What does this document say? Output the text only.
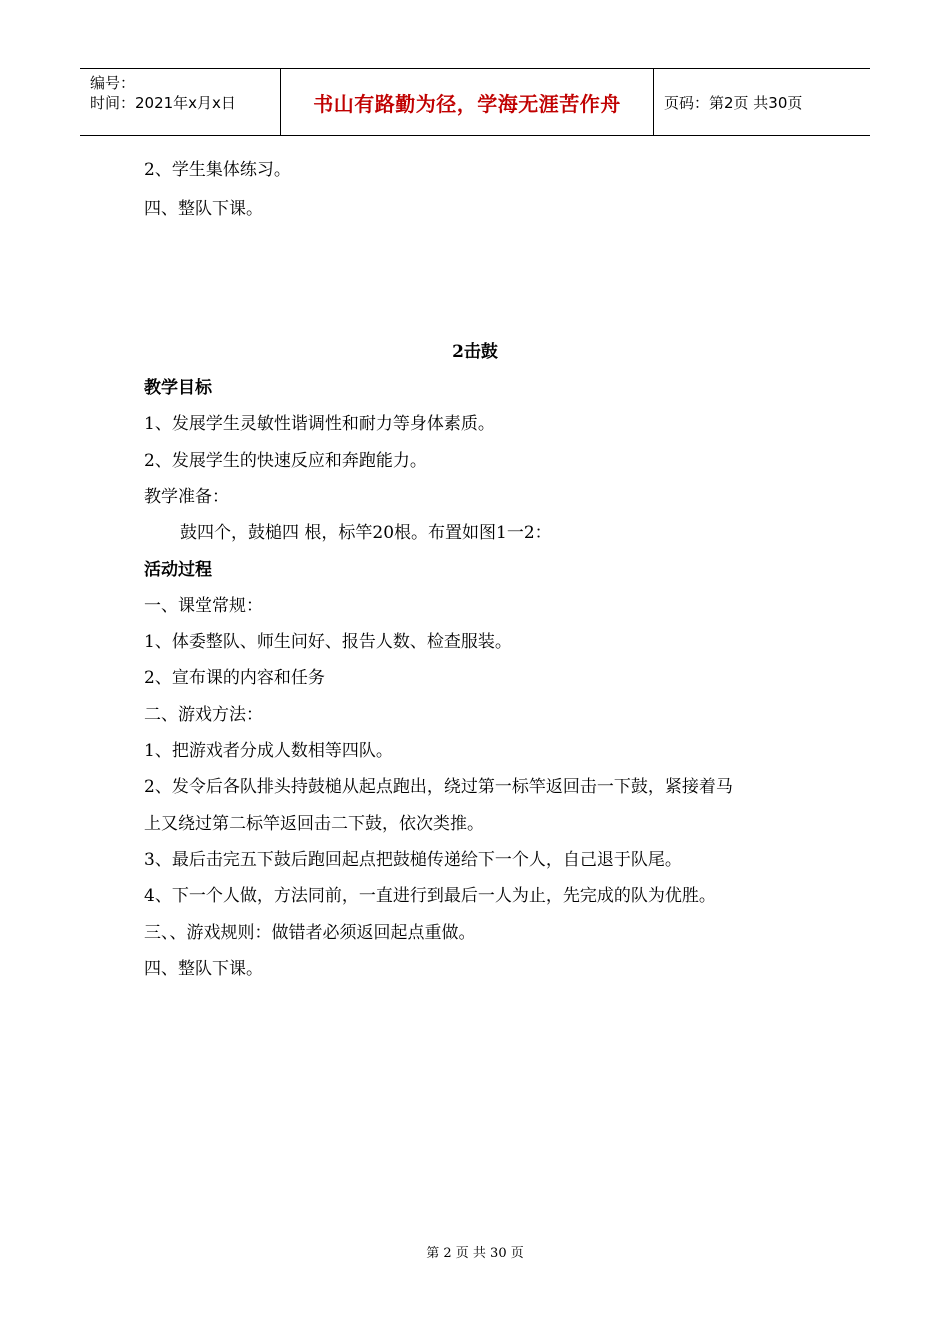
编号：
时间：2021年x月x日	书山有路勤为径，学海无涯苦作舟	页码：第2页 共30页
2、学生集体练习。
四、整队下课。
2击鼓
教学目标
1、发展学生灵敏性谐调性和耐力等身体素质。
2、发展学生的快速反应和奔跑能力。
教学准备：
鼓四个，鼓槌四 根，标竿20根。布置如图1一2：
活动过程
一、课堂常规：
1、体委整队、师生问好、报告人数、检查服装。
2、宣布课的内容和任务
二、游戏方法：
1、把游戏者分成人数相等四队。
2、发令后各队排头持鼓槌从起点跑出，绕过第一标竿返回击一下鼓，紧接着马
上又绕过第二标竿返回击二下鼓，依次类推。
3、最后击完五下鼓后跑回起点把鼓槌传递给下一个人，自己退于队尾。
4、下一个人做，方法同前，一直进行到最后一人为止，先完成的队为优胜。
三、、游戏规则：做错者必须返回起点重做。
四、整队下课。
第 2 页 共 30 页
